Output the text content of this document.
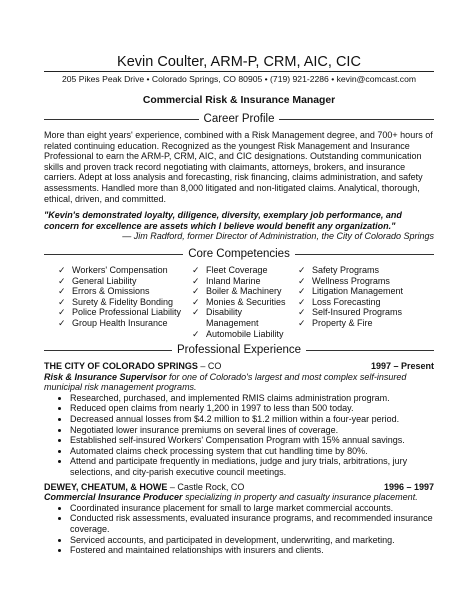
Kevin Coulter, ARM-P, CRM, AIC, CIC
205 Pikes Peak Drive • Colorado Springs, CO 80905 • (719) 921-2286 • kevin@comcast.com
Commercial Risk & Insurance Manager
Career Profile

More than eight years' experience, combined with a Risk Management degree, and 700+ hours of related continuing education. Recognized as the youngest Risk Management and Insurance Professional to earn the ARM-P, CRM, AIC, and CIC designations. Outstanding communication skills and proven track record negotiating with claimants, attorneys, brokers, and insurance carriers. Adept at loss analysis and forecasting, risk financing, claims administration, and safety assessments. Handled more than 8,000 litigated and non-litigated claims. Analytical, thorough, ethical, driven, and committed.

"Kevin's demonstrated loyalty, diligence, diversity, exemplary job performance, and concern for excellence are assets which I believe would benefit any organization."

— Jim Radford, former Director of Administration, the City of Colorado Springs

Core Competencies
✓ Workers' Compensation
✓ General Liability
✓ Errors & Omissions
✓ Surety & Fidelity Bonding
✓ Police Professional Liability
✓ Group Health Insurance
✓ Fleet Coverage
✓ Inland Marine
✓ Boiler & Machinery
✓ Monies & Securities
✓ Disability Management
✓ Automobile Liability
✓ Safety Programs
✓ Wellness Programs
✓ Litigation Management
✓ Loss Forecasting
✓ Self-Insured Programs
✓ Property & Fire
Professional Experience
THE CITY OF COLORADO SPRINGS – CO	1997 – Present

Risk & Insurance Supervisor for one of Colorado's largest and most complex self-insured municipal risk management programs.

• Researched, purchased, and implemented RMIS claims administration program.
• Reduced open claims from nearly 1,200 in 1997 to less than 500 today.
• Decreased annual losses from $4.2 million to $1.2 million within a four-year period.
• Negotiated lower insurance premiums on several lines of coverage.
• Established self-insured Workers' Compensation Program with 15% annual savings.
• Automated claims check processing system that cut handling time by 80%.
• Attend and participate frequently in mediations, judge and jury trials, arbitrations, jury selections, and city-parish executive council meetings.
DEWEY, CHEATUM, & HOWE – Castle Rock, CO	1996 – 1997

Commercial Insurance Producer specializing in property and casualty insurance placement.

• Coordinated insurance placement for small to large market commercial accounts.
• Conducted risk assessments, evaluated insurance programs, and recommended insurance coverage.
• Serviced accounts, and participated in development, underwriting, and marketing.
• Fostered and maintained relationships with insurers and clients.
